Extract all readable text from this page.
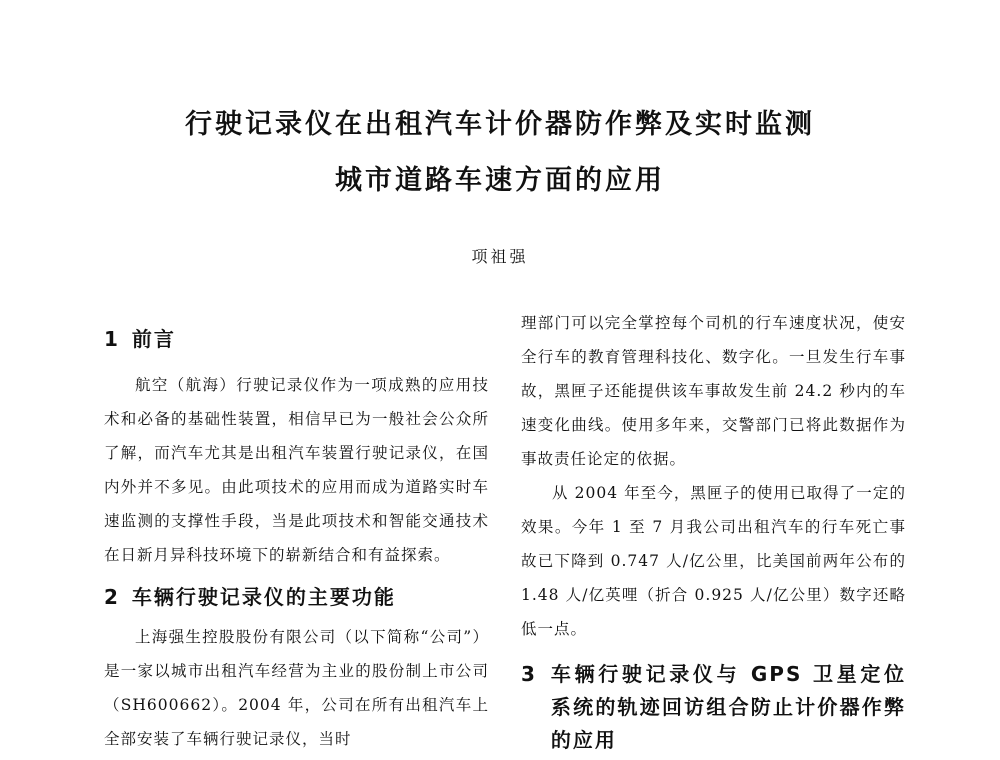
行驶记录仪在出租汽车计价器防作弊及实时监测
城市道路车速方面的应用
项祖强
1 前言

航空（航海）行驶记录仪作为一项成熟的应用技术和必备的基础性装置，相信早已为一般社会公众所了解，而汽车尤其是出租汽车装置行驶记录仪，在国内外并不多见。由此项技术的应用而成为道路实时车速监测的支撑性手段，当是此项技术和智能交通技术在日新月异科技环境下的崭新结合和有益探索。

2 车辆行驶记录仪的主要功能

上海强生控股股份有限公司（以下简称“公司”）是一家以城市出租汽车经营为主业的股份制上市公司（SH600662）。2004 年，公司在所有出租汽车上全部安装了车辆行驶记录仪，当时

理部门可以完全掌控每个司机的行车速度状况，使安全行车的教育管理科技化、数字化。一旦发生行车事故，黑匣子还能提供该车事故发生前 24.2 秒内的车速变化曲线。使用多年来，交警部门已将此数据作为事故责任论定的依据。

从 2004 年至今，黑匣子的使用已取得了一定的效果。今年 1 至 7 月我公司出租汽车的行车死亡事故已下降到 0.747 人/亿公里，比美国前两年公布的 1.48 人/亿英哩（折合 0.925 人/亿公里）数字还略低一点。

3 车辆行驶记录仪与 GPS 卫星定位系统的轨迹回访组合防止计价器作弊的应用
